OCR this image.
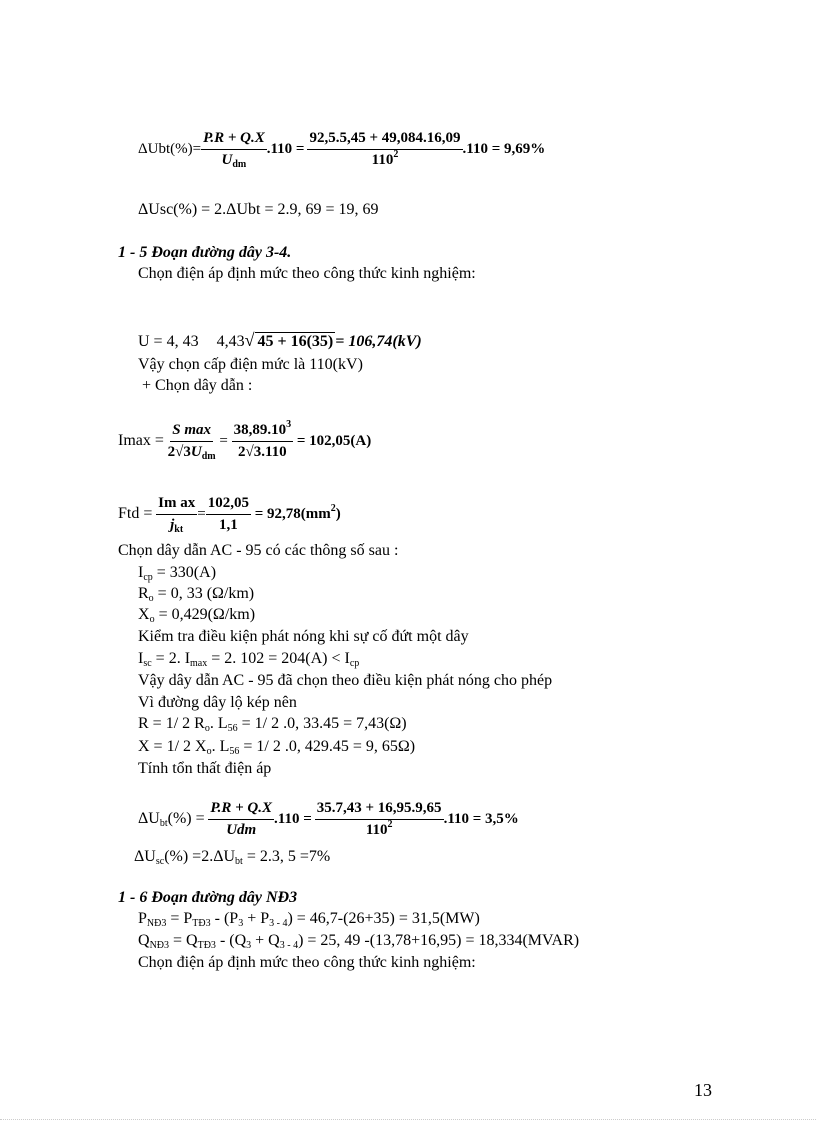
$\Delta Ubt(\%)= \frac{P.R + Q.X}{U_{dm}} .110 = \frac{92,5.5,45 + 49,084.16,09}{110^2} .110 = 9,69\%$
ΔUsc(%) = 2.ΔUbt = 2.9, 69 = 19, 69
1 - 5 Đoạn đường dây 3-4.
Chọn điện áp định mức theo công thức kinh nghiệm:
U = 4, 43 4,43√ 45 + 16(35) = 106,74(kV)
Vậy chọn cấp điện mức là 110(kV)
+ Chọn dây dẫn :
$Imax = \frac{\text{S max}}{2√3U_{dm}} = \frac{38,89.10^3}{2√3.110} = 102,05(A)$
Ftd = $\frac{\text{Im ax}}{j_{kt}} = \frac{102,05}{1,1} = 92,78(mm^2)$
Chọn dây dẫn AC - 95 có các thông số sau :
$I_{cp} = 330(A)$
$R_o = 0$, 33 (Ω/km)
$X_o = 0,429(\Omega/km)$
Kiểm tra điều kiện phát nóng khi sự cố đứt một dây
$I_{sc} = 2$. $I_{max} = 2$. $102 = 204(A) < I_{cp}$
Vậy dây dẫn AC - 95 đã chọn theo điều kiện phát nóng cho phép
Vì đường dây lộ kép nên
R = 1/ 2 $R_o$. $L_{56} = 1/$ 2 .0, 33.45 = 7,43(Ω)
X = 1/ 2 $X_o$. $L_{56} = 1/$ 2 .0, 429.45 = 9, 65Ω)
Tính tổn thất điện áp
$\Delta U_{bt}(\%) = \frac{P.R + Q.X}{\text{Udm}} .110 = \frac{35.7,43 + 16,95.9,65}{110^2} .110 = 3,5\%$
$\Delta U_{sc}(\%) =2.\Delta U_{bt} = 2.3$, 5 =7%
1 - 6 Đoạn đường dây NĐ3
$P_{NĐ3} = P_{TĐ3} - (P_3 + P_{3 - 4}) = 46,7-(26+35) = 31,5(MW)$
$Q_{NĐ3} = Q_{TĐ3} - (Q_3 + Q_{3 - 4}) = 25$, 49 -(13,78+16,95) = 18,334(MVAR)
Chọn điện áp định mức theo công thức kinh nghiệm:
13
